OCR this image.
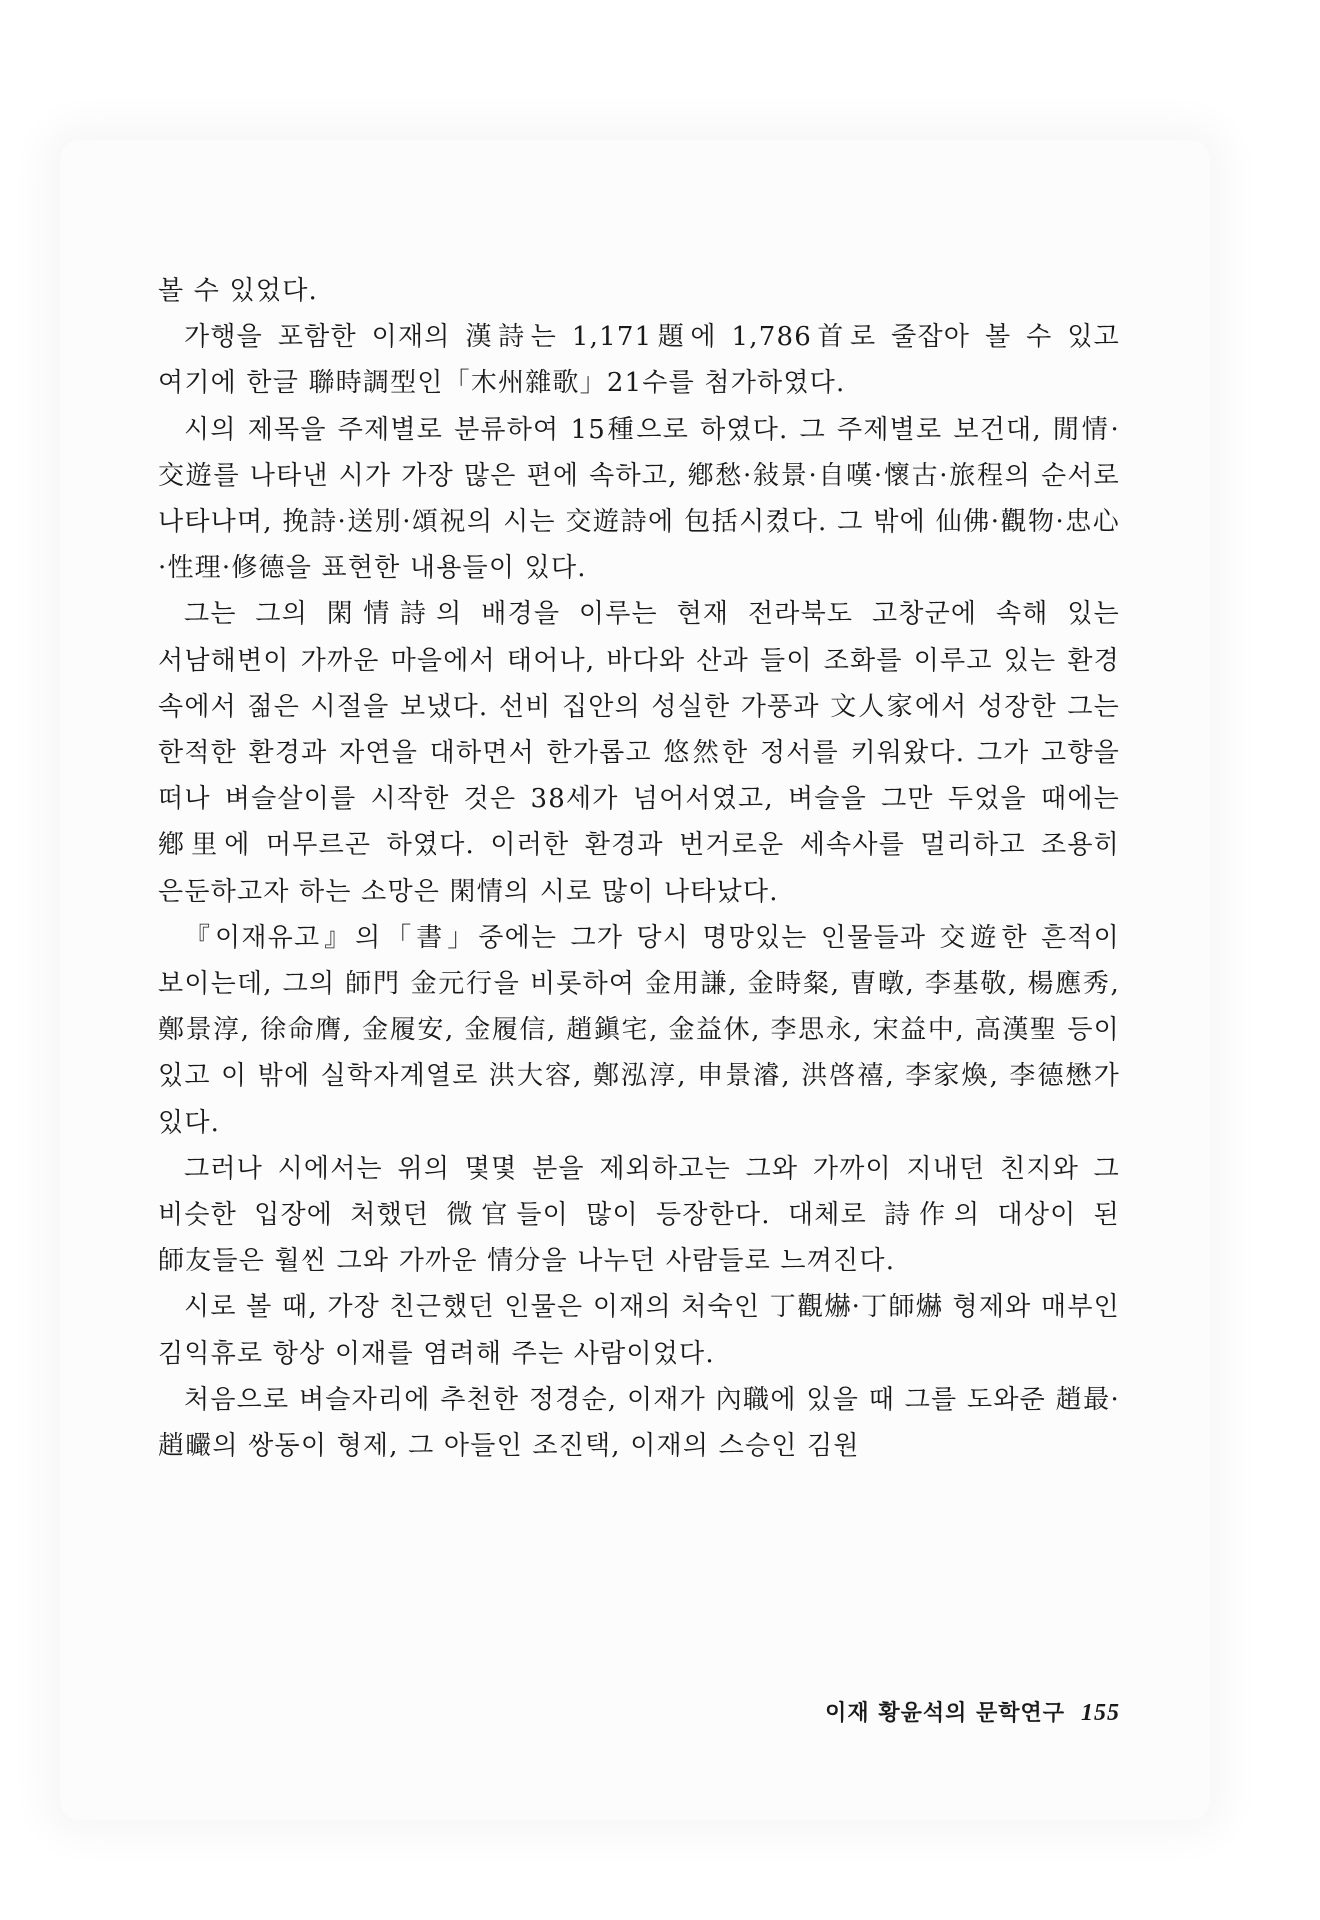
볼 수 있었다.

가행을 포함한 이재의 漢詩는 1,171題에 1,786首로 줄잡아 볼 수 있고 여기에 한글 聯時調型인「木州雜歌」21수를 첨가하였다.

시의 제목을 주제별로 분류하여 15種으로 하였다. 그 주제별로 보건대, 閒情·交遊를 나타낸 시가 가장 많은 편에 속하고, 鄕愁·敍景·自嘆·懷古·旅程의 순서로 나타나며, 挽詩·送別·頌祝의 시는 交遊詩에 包括시켰다. 그 밖에 仙佛·觀物·忠心·性理·修德을 표현한 내용들이 있다.

그는 그의 閑情詩의 배경을 이루는 현재 전라북도 고창군에 속해 있는 서남해변이 가까운 마을에서 태어나, 바다와 산과 들이 조화를 이루고 있는 환경 속에서 젊은 시절을 보냈다. 선비 집안의 성실한 가풍과 文人家에서 성장한 그는 한적한 환경과 자연을 대하면서 한가롭고 悠然한 정서를 키워왔다. 그가 고향을 떠나 벼슬살이를 시작한 것은 38세가 넘어서였고, 벼슬을 그만 두었을 때에는 鄕里에 머무르곤 하였다. 이러한 환경과 번거로운 세속사를 멀리하고 조용히 은둔하고자 하는 소망은 閑情의 시로 많이 나타났다.

『이재유고』의「書」중에는 그가 당시 명망있는 인물들과 交遊한 흔적이 보이는데, 그의 師門 金元行을 비롯하여 金用謙, 金時粲, 曺暾, 李基敬, 楊應秀, 鄭景淳, 徐命膺, 金履安, 金履信, 趙鎭宅, 金益休, 李思永, 宋益中, 高漢聖 등이 있고 이 밖에 실학자계열로 洪大容, 鄭泓淳, 申景濬, 洪啓禧, 李家煥, 李德懋가 있다.

그러나 시에서는 위의 몇몇 분을 제외하고는 그와 가까이 지내던 친지와 그 비슷한 입장에 처했던 微官들이 많이 등장한다. 대체로 詩作의 대상이 된 師友들은 훨씬 그와 가까운 情分을 나누던 사람들로 느껴진다.

시로 볼 때, 가장 친근했던 인물은 이재의 처숙인 丁觀爀·丁師爀 형제와 매부인 김익휴로 항상 이재를 염려해 주는 사람이었다.

처음으로 벼슬자리에 추천한 정경순, 이재가 內職에 있을 때 그를 도와준 趙最·趙曮의 쌍동이 형제, 그 아들인 조진택, 이재의 스승인 김원

이재 황윤석의 문학연구 155
